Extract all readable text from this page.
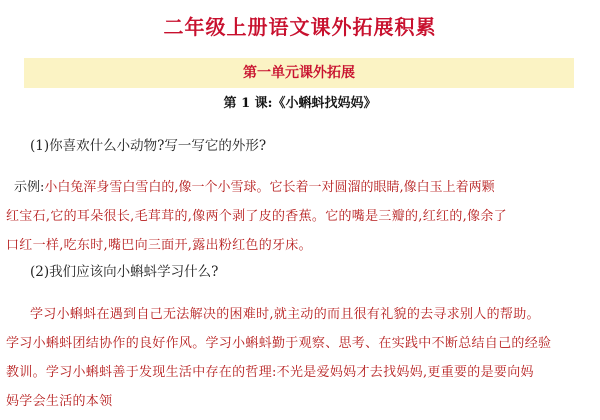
二年级上册语文课外拓展积累
第一单元课外拓展
第 1 课:《小蝌蚪找妈妈》
(1)你喜欢什么小动物?写一写它的外形?
(2)我们应该向小蝌蚪学习什么?
示例:小白兔浑身雪白雪白的,像一个小雪球。它长着一对圆溜的眼睛,像白玉上着两颗
红宝石,它的耳朵很长,毛茸茸的,像两个剥了皮的香蕉。它的嘴是三瓣的,红红的,像余了
口红一样,吃东时,嘴巴向三面开,露出粉红色的牙床。
学习小蝌蚪在遇到自己无法解决的困难时,就主动的而且很有礼貌的去寻求别人的帮助。
学习小蝌蚪团结协作的良好作风。学习小蝌蚪勤于观察、思考、在实践中不断总结自己的经验
教训。学习小蝌蚪善于发现生活中存在的哲理:不光是爱妈妈才去找妈妈,更重要的是要向妈
妈学会生活的本领
